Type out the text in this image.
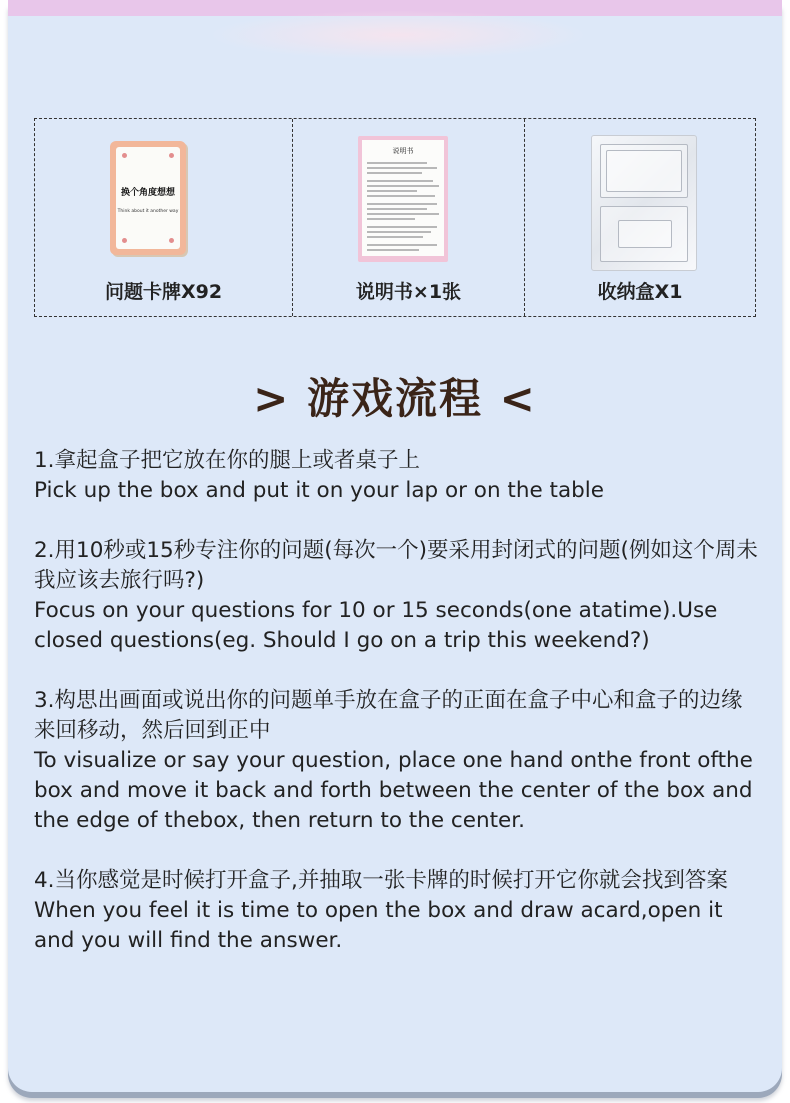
换个角度想想
Think about it another way
问题卡牌X92
说明书
说明书×1张	收纳盒X1
> 游戏流程 <

1.拿起盒子把它放在你的腿上或者桌子上

Pick up the box and put it on your lap or on the table

2.用10秒或15秒专注你的问题(每次一个)要采用封闭式的问题(例如这个周未我应该去旅行吗?)

Focus on your questions for 10 or 15 seconds(one atatime).Use closed questions(eg. Should I go on a trip this weekend?)

3.构思出画面或说出你的问题单手放在盒子的正面在盒子中心和盒子的边缘来回移动，然后回到正中

To visualize or say your question, place one hand onthe front ofthe box and move it back and forth between the center of the box and the edge of thebox, then return to the center.

4.当你感觉是时候打开盒子,并抽取一张卡牌的时候打开它你就会找到答案

When you feel it is time to open the box and draw acard,open it and you will find the answer.
